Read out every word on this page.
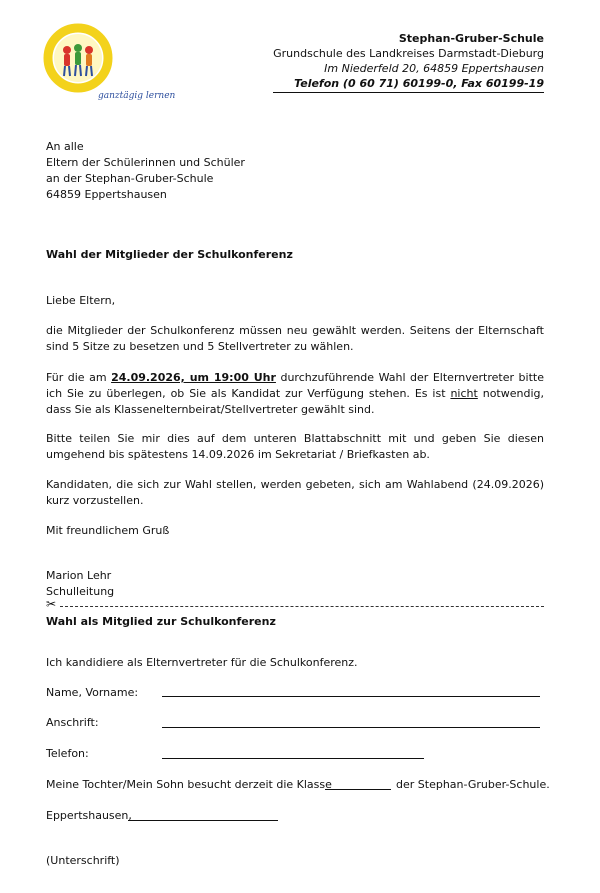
ganztägig lernen
Stephan-Gruber-Schule
Grundschule des Landkreises Darmstadt-Dieburg
Im Niederfeld 20, 64859 Eppertshausen
Telefon (0 60 71) 60199-0, Fax 60199-19
An alle
Eltern der Schülerinnen und Schüler
an der Stephan-Gruber-Schule
64859 Eppertshausen
Wahl der Mitglieder der Schulkonferenz
Liebe Eltern,
die Mitglieder der Schulkonferenz müssen neu gewählt werden. Seitens der Elternschaft sind 5 Sitze zu besetzen und 5 Stellvertreter zu wählen.
Für die am 24.09.2026, um 19:00 Uhr durchzuführende Wahl der Elternvertreter bitte ich Sie zu überlegen, ob Sie als Kandidat zur Verfügung stehen. Es ist nicht notwendig, dass Sie als Klassenelternbeirat/Stellvertreter gewählt sind.
Bitte teilen Sie mir dies auf dem unteren Blattabschnitt mit und geben Sie diesen umgehend bis spätestens 14.09.2026 im Sekretariat / Briefkasten ab.
Kandidaten, die sich zur Wahl stellen, werden gebeten, sich am Wahlabend (24.09.2026) kurz vorzustellen.
Mit freundlichem Gruß
Marion Lehr
Schulleitung
✂
Wahl als Mitglied zur Schulkonferenz
Ich kandidiere als Elternvertreter für die Schulkonferenz.
Name, Vorname:
Anschrift:
Telefon:
Meine Tochter/Mein Sohn besucht derzeit die Klasse	der Stephan-Gruber-Schule.
Eppertshausen,
(Unterschrift)
